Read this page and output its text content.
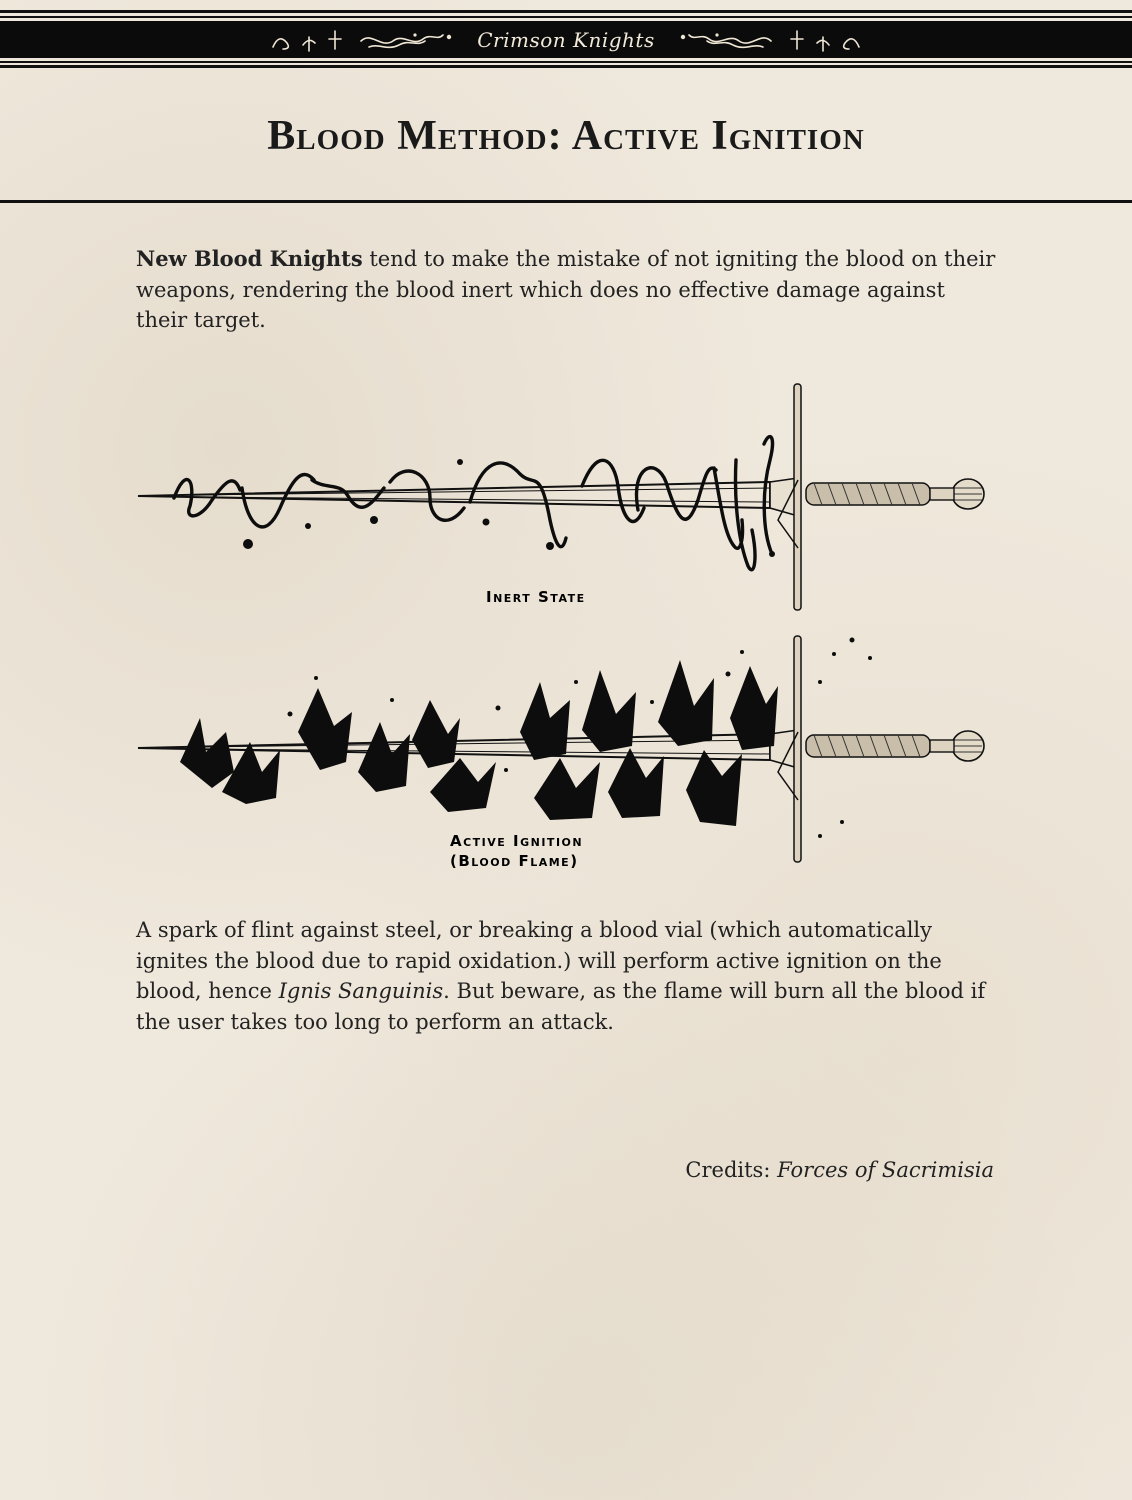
Crimson Knights
Blood Method: Active Ignition

New Blood Knights tend to make the mistake of not igniting the blood on their weapons, rendering the blood inert which does no effective damage against their target.

Inert State
Active Ignition
(Blood Flame)

A spark of flint against steel, or breaking a blood vial (which automatically ignites the blood due to rapid oxidation.) will perform active ignition on the blood, hence Ignis Sanguinis. But beware, as the flame will burn all the blood if the user takes too long to perform an attack.

Credits: Forces of Sacrimisia
